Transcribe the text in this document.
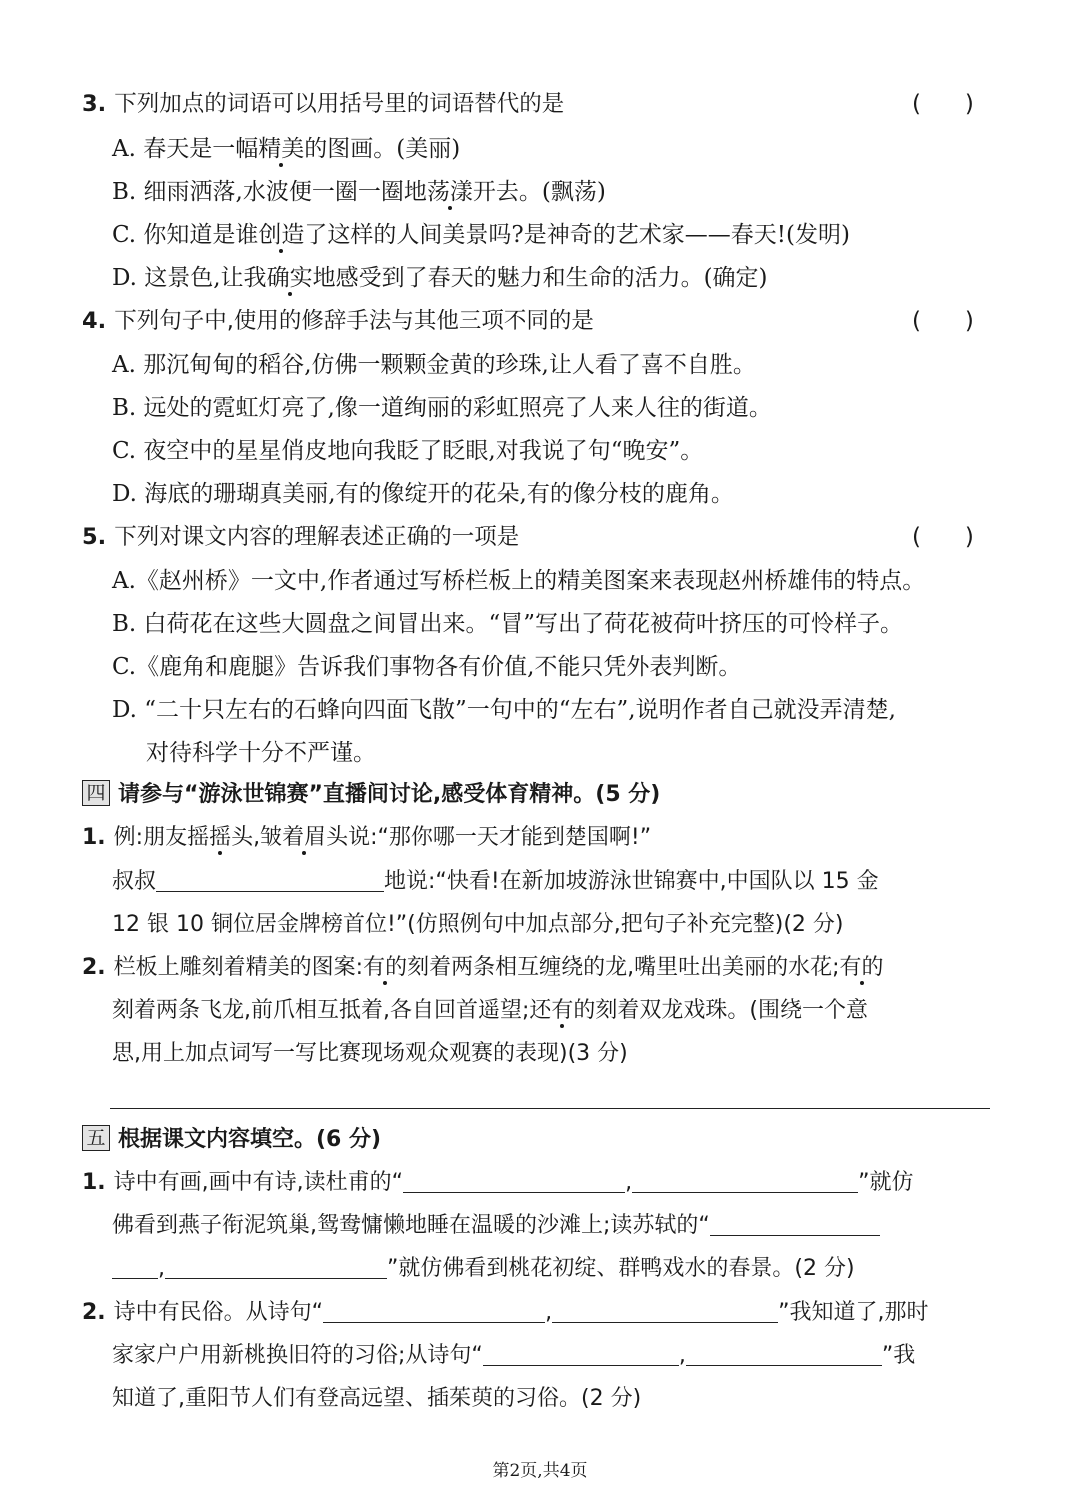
3. 下列加点的词语可以用括号里的词语替代的是	(      )
A. 春天是一幅精美的图画。(美丽)
B. 细雨洒落,水波便一圈一圈地荡漾开去。(飘荡)
C. 你知道是谁创造了这样的人间美景吗?是神奇的艺术家——春天!(发明)
D. 这景色,让我确实地感受到了春天的魅力和生命的活力。(确定)
4. 下列句子中,使用的修辞手法与其他三项不同的是	(      )
A. 那沉甸甸的稻谷,仿佛一颗颗金黄的珍珠,让人看了喜不自胜。
B. 远处的霓虹灯亮了,像一道绚丽的彩虹照亮了人来人往的街道。
C. 夜空中的星星俏皮地向我眨了眨眼,对我说了句“晚安”。
D. 海底的珊瑚真美丽,有的像绽开的花朵,有的像分枝的鹿角。
5. 下列对课文内容的理解表述正确的一项是	(      )
A.《赵州桥》一文中,作者通过写桥栏板上的精美图案来表现赵州桥雄伟的特点。
B. 白荷花在这些大圆盘之间冒出来。“冒”写出了荷花被荷叶挤压的可怜样子。
C.《鹿角和鹿腿》告诉我们事物各有价值,不能只凭外表判断。
D. “二十只左右的石蜂向四面飞散”一句中的“左右”,说明作者自己就没弄清楚,
对待科学十分不严谨。
四 请参与“游泳世锦赛”直播间讨论,感受体育精神。(5 分)
1. 例:朋友摇摇头,皱着眉头说:“那你哪一天才能到楚国啊!”
叔叔	地说:“快看!在新加坡游泳世锦赛中,中国队以 15 金
12 银 10 铜位居金牌榜首位!”(仿照例句中加点部分,把句子补充完整)(2 分)
2. 栏板上雕刻着精美的图案:有的刻着两条相互缠绕的龙,嘴里吐出美丽的水花;有的
刻着两条飞龙,前爪相互抵着,各自回首遥望;还有的刻着双龙戏珠。(围绕一个意
思,用上加点词写一写比赛现场观众观赛的表现)(3 分)
五 根据课文内容填空。(6 分)
1. 诗中有画,画中有诗,读杜甫的“	,	”就仿
佛看到燕子衔泥筑巢,鸳鸯慵懒地睡在温暖的沙滩上;读苏轼的“
,	”就仿佛看到桃花初绽、群鸭戏水的春景。(2 分)
2. 诗中有民俗。从诗句“	,	”我知道了,那时
家家户户用新桃换旧符的习俗;从诗句“	,	”我
知道了,重阳节人们有登高远望、插茱萸的习俗。(2 分)
第2页,共4页
